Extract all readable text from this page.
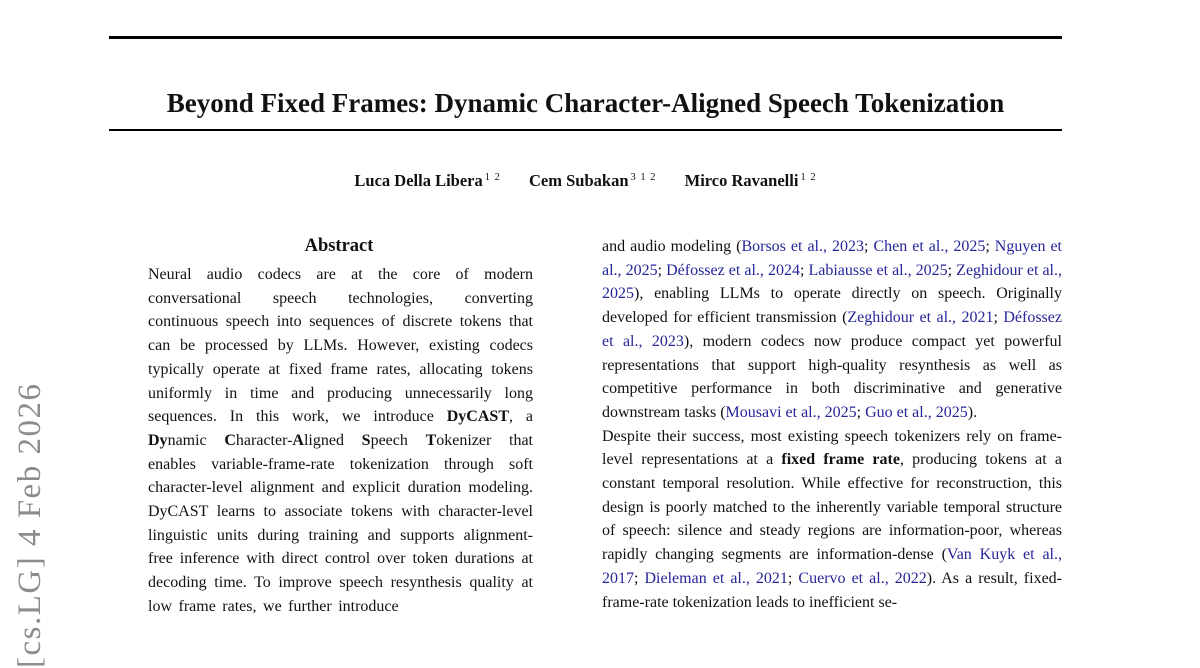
[cs.LG] 4 Feb 2026
Beyond Fixed Frames: Dynamic Character-Aligned Speech Tokenization
Luca Della Libera $^{1 2}$ Cem Subakan $^{3 1 2}$ Mirco Ravanelli $^{1 2}$
Abstract
Neural audio codecs are at the core of modern conversational speech technologies, converting continuous speech into sequences of discrete tokens that can be processed by LLMs. However, existing codecs typically operate at fixed frame rates, allocating tokens uniformly in time and producing unnecessarily long sequences. In this work, we introduce DyCAST, a Dynamic Character-Aligned Speech Tokenizer that enables variable-frame-rate tokenization through soft character-level alignment and explicit duration modeling. DyCAST learns to associate tokens with character-level linguistic units during training and supports alignment-free inference with direct control over token durations at decoding time. To improve speech resynthesis quality at low frame rates, we further introduce

and audio modeling (Borsos et al., 2023; Chen et al., 2025; Nguyen et al., 2025; Défossez et al., 2024; Labiausse et al., 2025; Zeghidour et al., 2025), enabling LLMs to operate directly on speech. Originally developed for efficient transmission (Zeghidour et al., 2021; Défossez et al., 2023), modern codecs now produce compact yet powerful representations that support high-quality resynthesis as well as competitive performance in both discriminative and generative downstream tasks (Mousavi et al., 2025; Guo et al., 2025).

Despite their success, most existing speech tokenizers rely on frame-level representations at a fixed frame rate, producing tokens at a constant temporal resolution. While effective for reconstruction, this design is poorly matched to the inherently variable temporal structure of speech: silence and steady regions are information-poor, whereas rapidly changing segments are information-dense (Van Kuyk et al., 2017; Dieleman et al., 2021; Cuervo et al., 2022). As a result, fixed-frame-rate tokenization leads to inefficient se-
